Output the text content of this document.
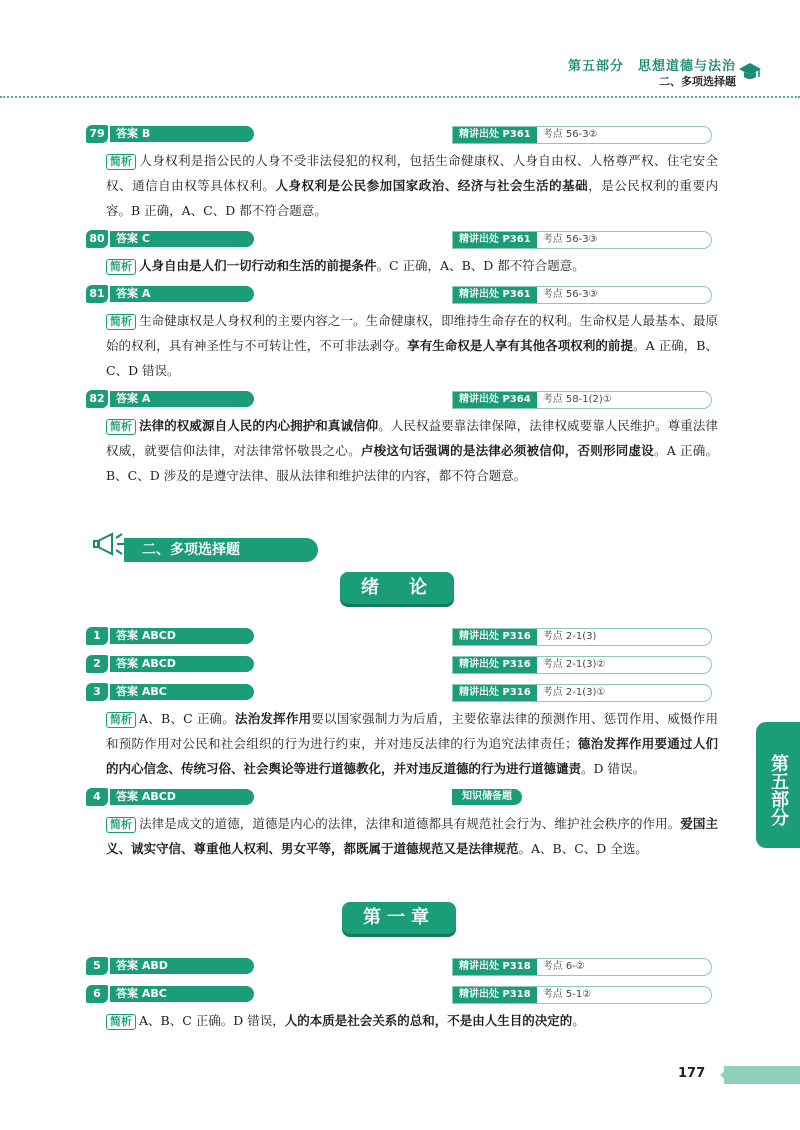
第五部分　思想道德与法治
二、多项选择题
79	答案 B	精讲出处 P361 考点 56-3②
简析 人身权利是指公民的人身不受非法侵犯的权利，包括生命健康权、人身自由权、人格尊严权、住宅安全权、通信自由权等具体权利。人身权利是公民参加国家政治、经济与社会生活的基础，是公民权利的重要内容。B 正确，A、C、D 都不符合题意。
80	答案 C	精讲出处 P361 考点 56-3③
简析 人身自由是人们一切行动和生活的前提条件。C 正确，A、B、D 都不符合题意。
81	答案 A	精讲出处 P361 考点 56-3③
简析 生命健康权是人身权利的主要内容之一。生命健康权，即维持生命存在的权利。生命权是人最基本、最原始的权利，具有神圣性与不可转让性，不可非法剥夺。享有生命权是人享有其他各项权利的前提。A 正确，B、C、D 错误。
82	答案 A	精讲出处 P364 考点 58-1(2)①
简析 法律的权威源自人民的内心拥护和真诚信仰。人民权益要靠法律保障，法律权威要靠人民维护。尊重法律权威，就要信仰法律，对法律常怀敬畏之心。卢梭这句话强调的是法律必须被信仰，否则形同虚设。A 正确。B、C、D 涉及的是遵守法律、服从法律和维护法律的内容，都不符合题意。
二、多项选择题
绪　论
1	答案 ABCD	精讲出处 P316 考点 2-1(3)
2	答案 ABCD	精讲出处 P316 考点 2-1(3)②
3	答案 ABC	精讲出处 P316 考点 2-1(3)①
简析 A、B、C 正确。法治发挥作用要以国家强制力为后盾，主要依靠法律的预测作用、惩罚作用、威慑作用和预防作用对公民和社会组织的行为进行约束，并对违反法律的行为追究法律责任；德治发挥作用要通过人们的内心信念、传统习俗、社会舆论等进行道德教化，并对违反道德的行为进行道德谴责。D 错误。
4	答案 ABCD	知识储备题
简析 法律是成文的道德，道德是内心的法律，法律和道德都具有规范社会行为、维护社会秩序的作用。爱国主义、诚实守信、尊重他人权利、男女平等，都既属于道德规范又是法律规范。A、B、C、D 全选。
第一章
5	答案 ABD	精讲出处 P318 考点 6-②
6	答案 ABC	精讲出处 P318 考点 5-1②
简析 A、B、C 正确。D 错误，人的本质是社会关系的总和，不是由人生目的决定的。
第五部分
177
